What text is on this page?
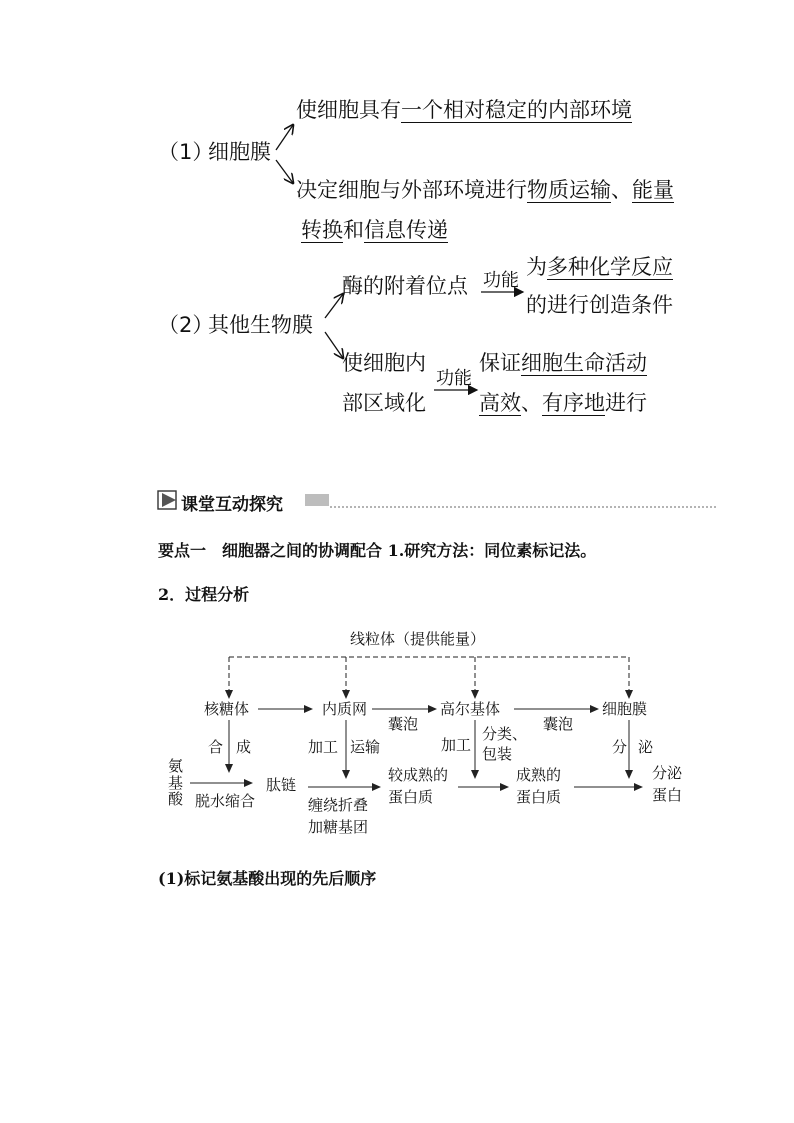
（1）
细胞膜
使细胞具有一个相对稳定的内部环境
决定细胞与外部环境进行物质运输、能量
转换和信息传递
（2）
其他生物膜
酶的附着位点 功能
为多种化学反应
的进行创造条件
使细胞内
部区域化
功能
保证细胞生命活动
高效、有序地进行
课堂互动探究
要点一　细胞器之间的协调配合 1.研究方法：同位素标记法。
2．过程分析
线粒体（提供能量）
核糖体	内质网	高尔基体	细胞膜
合 成
氨基酸 脱水缩合
肽链
加工 运输
囊泡
加工
分类、
包装
囊泡
分 泌
较成熟的
蛋白质
成熟的
蛋白质
分泌
蛋白
缠绕折叠
加糖基团
(1)标记氨基酸出现的先后顺序
